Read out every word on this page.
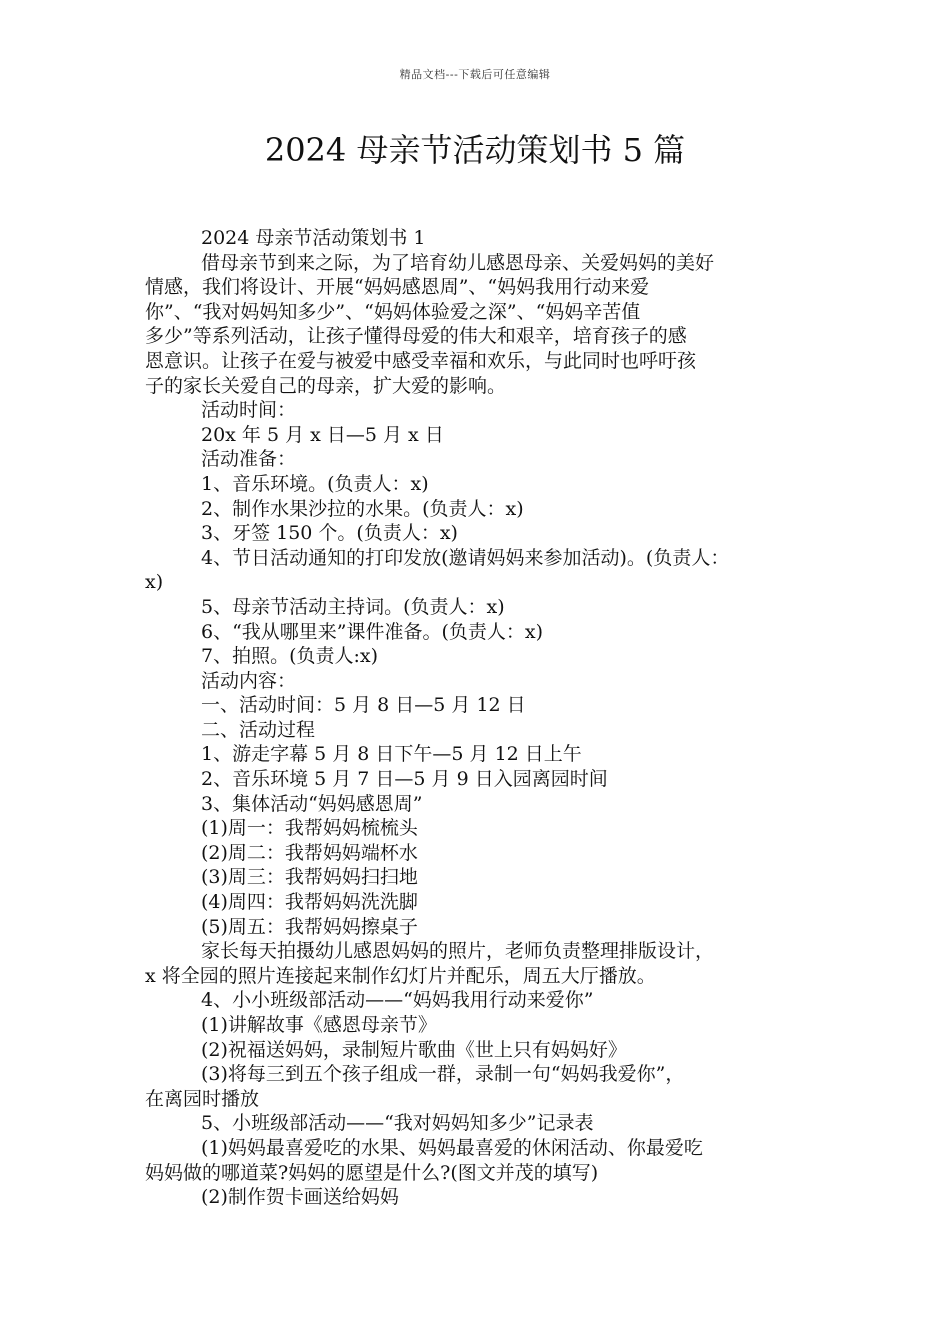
精品文档---下载后可任意编辑
2024 母亲节活动策划书 5 篇
2024 母亲节活动策划书 1
借母亲节到来之际，为了培育幼儿感恩母亲、关爱妈妈的美好
情感，我们将设计、开展“妈妈感恩周”、“妈妈我用行动来爱
你”、“我对妈妈知多少”、“妈妈体验爱之深”、“妈妈辛苦值
多少”等系列活动，让孩子懂得母爱的伟大和艰辛，培育孩子的感
恩意识。让孩子在爱与被爱中感受幸福和欢乐，与此同时也呼吁孩
子的家长关爱自己的母亲，扩大爱的影响。
活动时间：
20x 年 5 月 x 日—5 月 x 日
活动准备：
1、音乐环境。(负责人：x)
2、制作水果沙拉的水果。(负责人：x)
3、牙签 150 个。(负责人：x)
4、节日活动通知的打印发放(邀请妈妈来参加活动)。(负责人：
x)
5、母亲节活动主持词。(负责人：x)
6、“我从哪里来”课件准备。(负责人：x)
7、拍照。(负责人:x)
活动内容：
一、活动时间：5 月 8 日—5 月 12 日
二、活动过程
1、游走字幕 5 月 8 日下午—5 月 12 日上午
2、音乐环境 5 月 7 日—5 月 9 日入园离园时间
3、集体活动“妈妈感恩周”
(1)周一：我帮妈妈梳梳头
(2)周二：我帮妈妈端杯水
(3)周三：我帮妈妈扫扫地
(4)周四：我帮妈妈洗洗脚
(5)周五：我帮妈妈擦桌子
家长每天拍摄幼儿感恩妈妈的照片，老师负责整理排版设计，
x 将全园的照片连接起来制作幻灯片并配乐，周五大厅播放。
4、小小班级部活动——“妈妈我用行动来爱你”
(1)讲解故事《感恩母亲节》
(2)祝福送妈妈，录制短片歌曲《世上只有妈妈好》
(3)将每三到五个孩子组成一群，录制一句“妈妈我爱你”，
在离园时播放
5、小班级部活动——“我对妈妈知多少”记录表
(1)妈妈最喜爱吃的水果、妈妈最喜爱的休闲活动、你最爱吃
妈妈做的哪道菜?妈妈的愿望是什么?(图文并茂的填写)
(2)制作贺卡画送给妈妈
